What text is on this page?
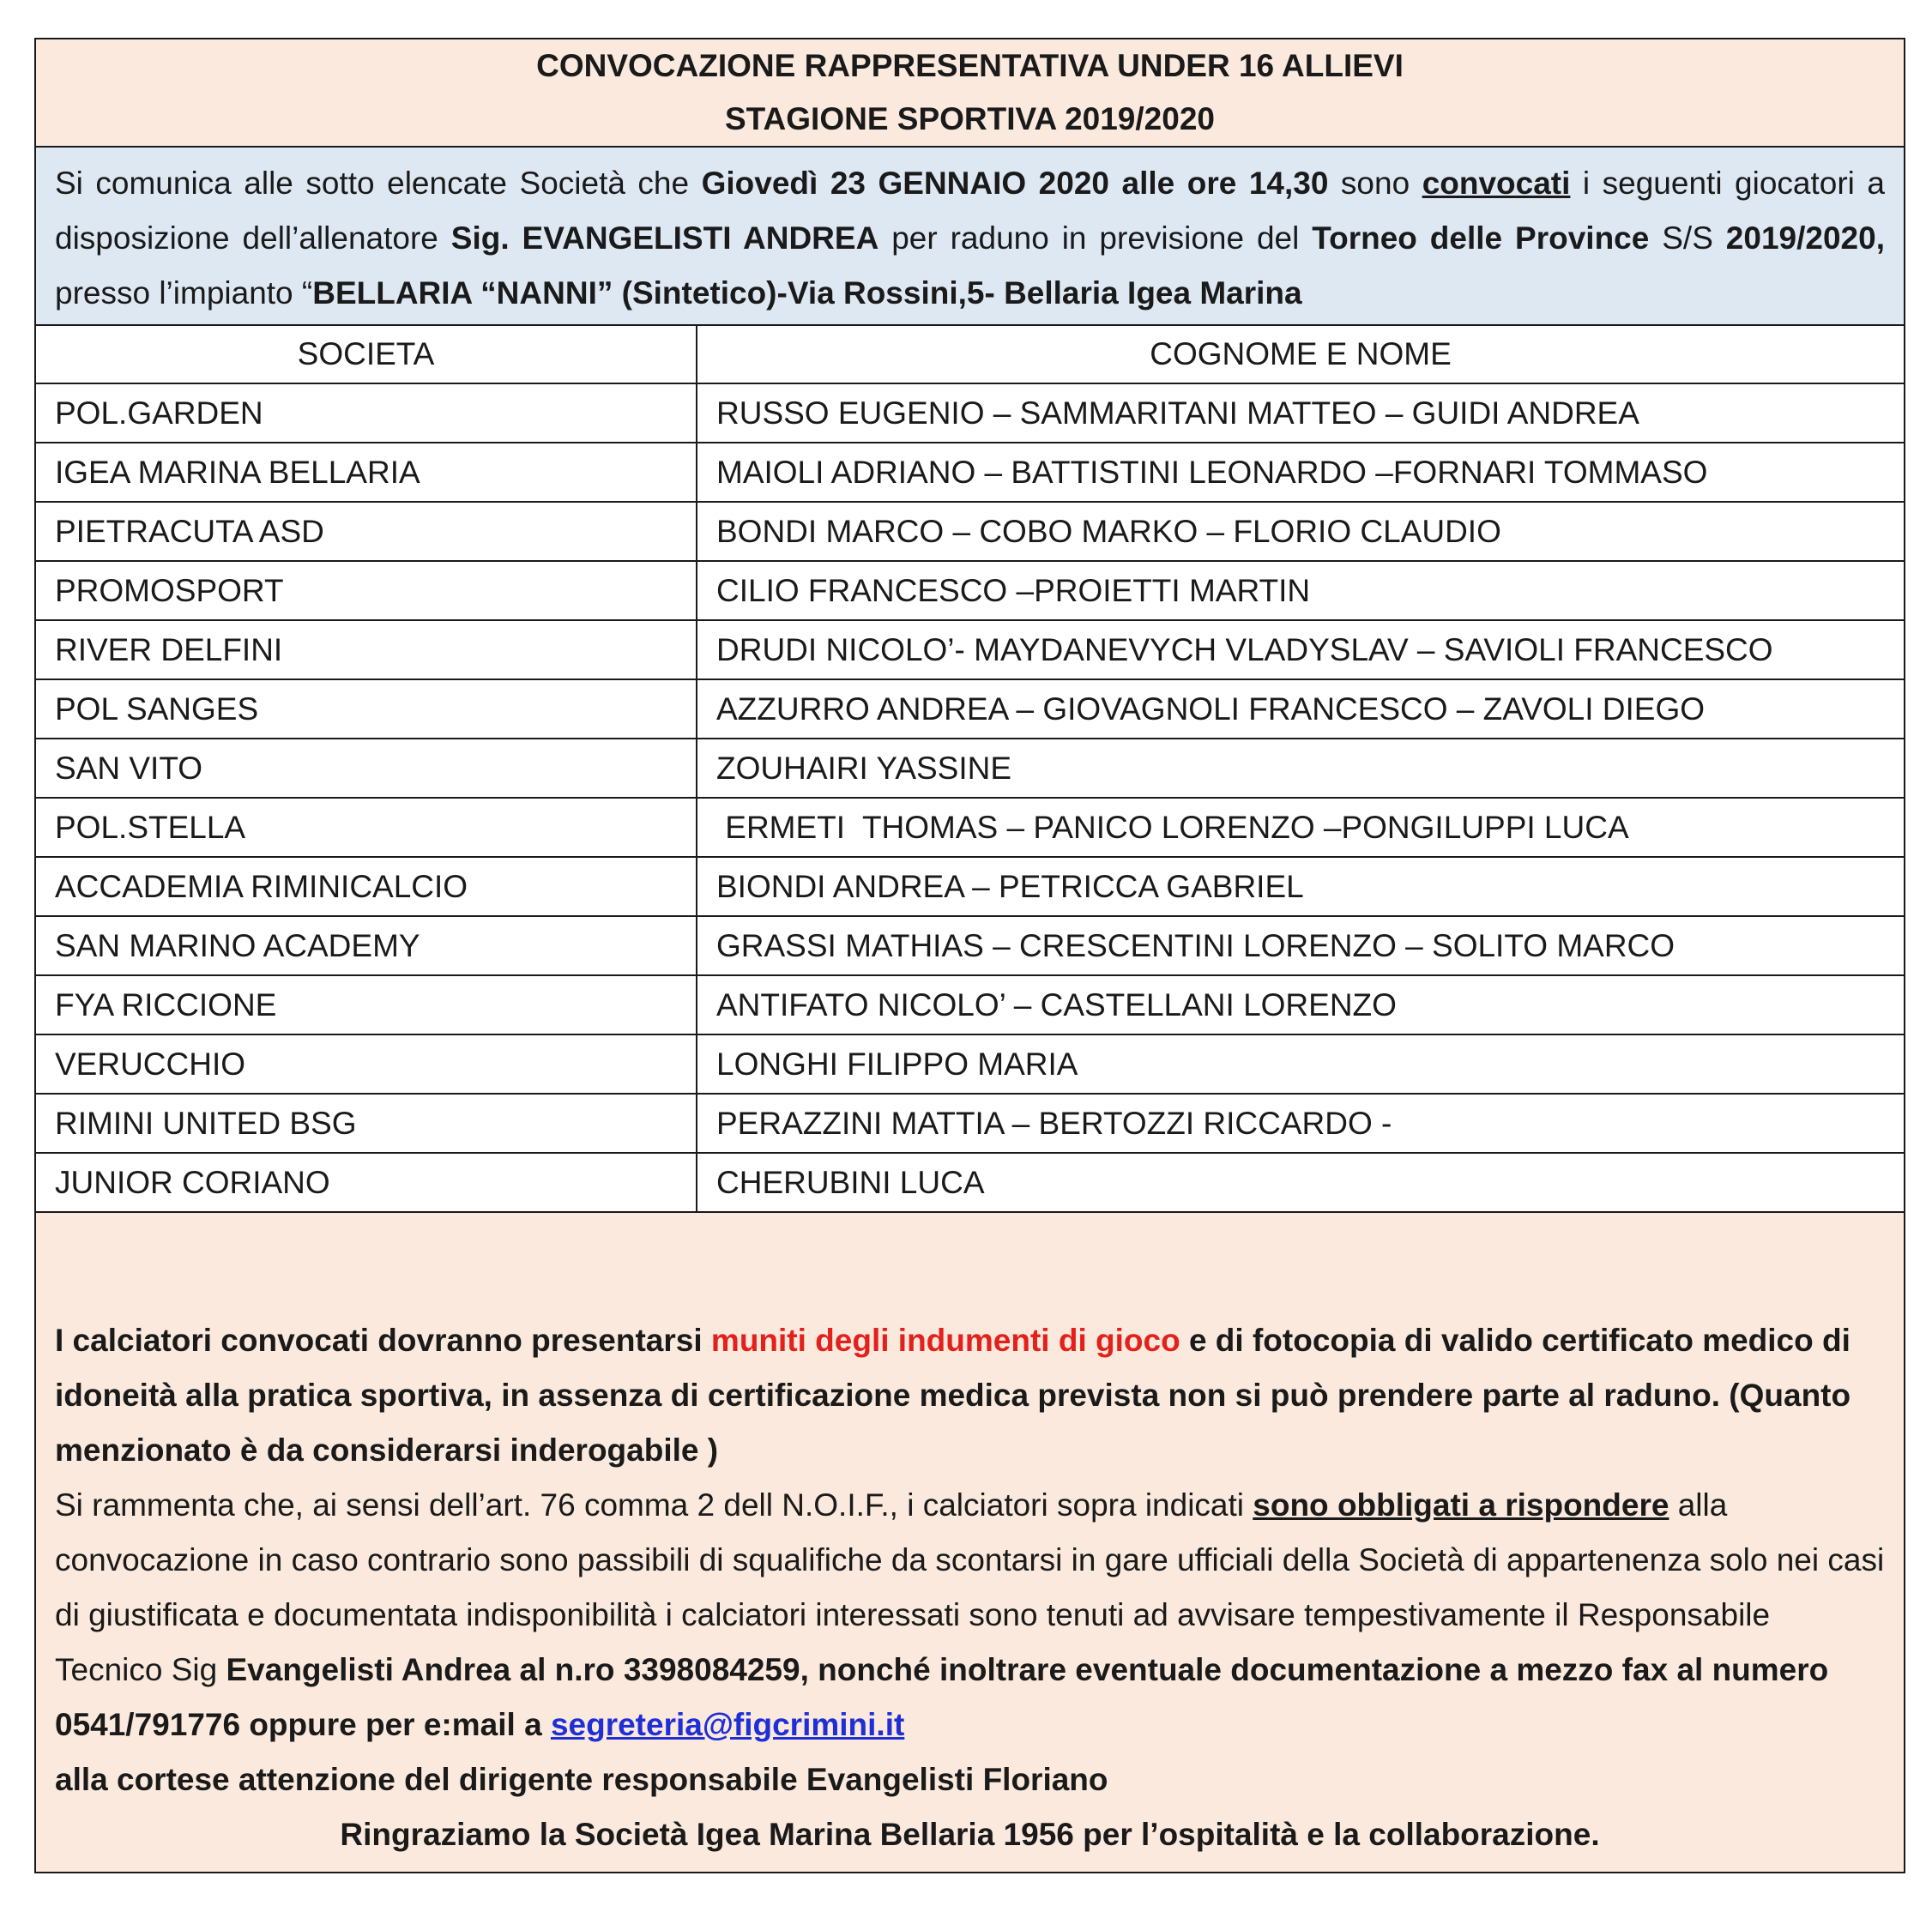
CONVOCAZIONE RAPPRESENTATIVA UNDER 16 ALLIEVI
STAGIONE SPORTIVA 2019/2020
Si comunica alle sotto elencate Società che Giovedì 23 GENNAIO 2020 alle ore 14,30 sono convocati i seguenti giocatori a disposizione dell’allenatore Sig. EVANGELISTI ANDREA per raduno in previsione del Torneo delle Province S/S 2019/2020, presso l’impianto “BELLARIA “NANNI” (Sintetico)-Via Rossini,5- Bellaria Igea Marina
SOCIETA	COGNOME E NOME
POL.GARDEN	RUSSO EUGENIO – SAMMARITANI MATTEO – GUIDI ANDREA
IGEA MARINA BELLARIA	MAIOLI ADRIANO – BATTISTINI LEONARDO –FORNARI TOMMASO
PIETRACUTA ASD	BONDI MARCO – COBO MARKO – FLORIO CLAUDIO
PROMOSPORT	CILIO FRANCESCO –PROIETTI MARTIN
RIVER DELFINI	DRUDI NICOLO’- MAYDANEVYCH VLADYSLAV – SAVIOLI FRANCESCO
POL SANGES	AZZURRO ANDREA – GIOVAGNOLI FRANCESCO – ZAVOLI DIEGO
SAN VITO	ZOUHAIRI YASSINE
POL.STELLA	ERMETI  THOMAS – PANICO LORENZO –PONGILUPPI LUCA
ACCADEMIA RIMINICALCIO	BIONDI ANDREA – PETRICCA GABRIEL
SAN MARINO ACADEMY	GRASSI MATHIAS – CRESCENTINI LORENZO – SOLITO MARCO
FYA RICCIONE	ANTIFATO NICOLO’ – CASTELLANI LORENZO
VERUCCHIO	LONGHI FILIPPO MARIA
RIMINI UNITED BSG	PERAZZINI MATTIA – BERTOZZI RICCARDO -
JUNIOR CORIANO	CHERUBINI LUCA

I calciatori convocati dovranno presentarsi muniti degli indumenti di gioco e di fotocopia di valido certificato medico di idoneità alla pratica sportiva, in assenza di certificazione medica prevista non si può prendere parte al raduno. (Quanto menzionato è da considerarsi inderogabile )

Si rammenta che, ai sensi dell’art. 76 comma 2 dell N.O.I.F., i calciatori sopra indicati sono obbligati a rispondere alla convocazione in caso contrario sono passibili di squalifiche da scontarsi in gare ufficiali della Società di appartenenza solo nei casi di giustificata e documentata indisponibilità i calciatori interessati sono tenuti ad avvisare tempestivamente il Responsabile Tecnico Sig Evangelisti Andrea al n.ro 3398084259, nonché inoltrare eventuale documentazione a mezzo fax al numero 0541/791776 oppure per e:mail a segreteria@figcrimini.it

alla cortese attenzione del dirigente responsabile Evangelisti Floriano

Ringraziamo la Società Igea Marina Bellaria 1956 per l’ospitalità e la collaborazione.
